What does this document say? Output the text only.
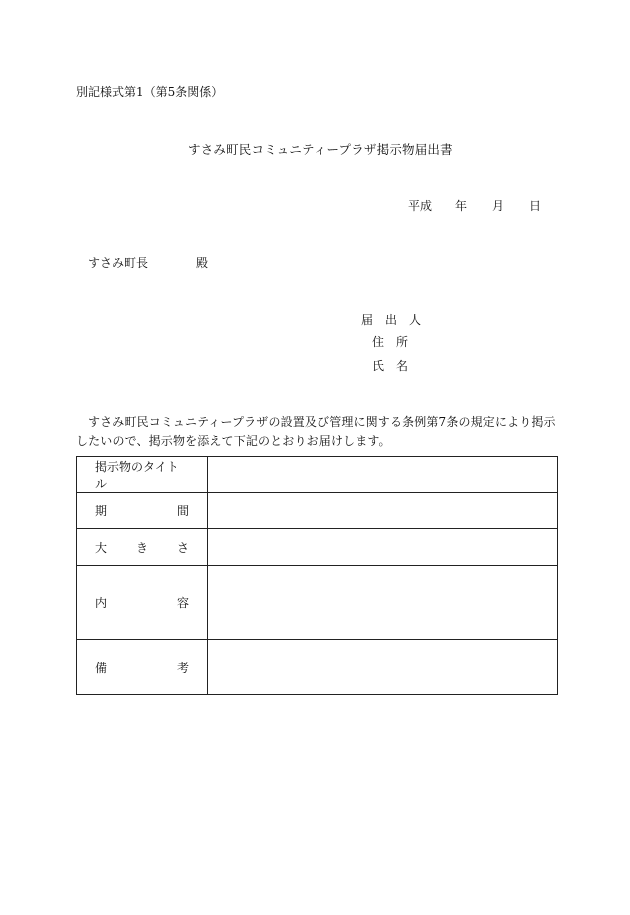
別記様式第1（第5条関係）
すさみ町民コミュニティープラザ掲示物届出書
平成	年	月	日
すさみ町長	殿
届 出 人
住 所
氏 名
すさみ町民コミュニティープラザの設置及び管理に関する条例第7条の規定により掲示したいので、掲示物を添えて下記のとおりお届けします。
掲示物のタイトル	

期 間	

大 き さ	

内 容	

備 考	
